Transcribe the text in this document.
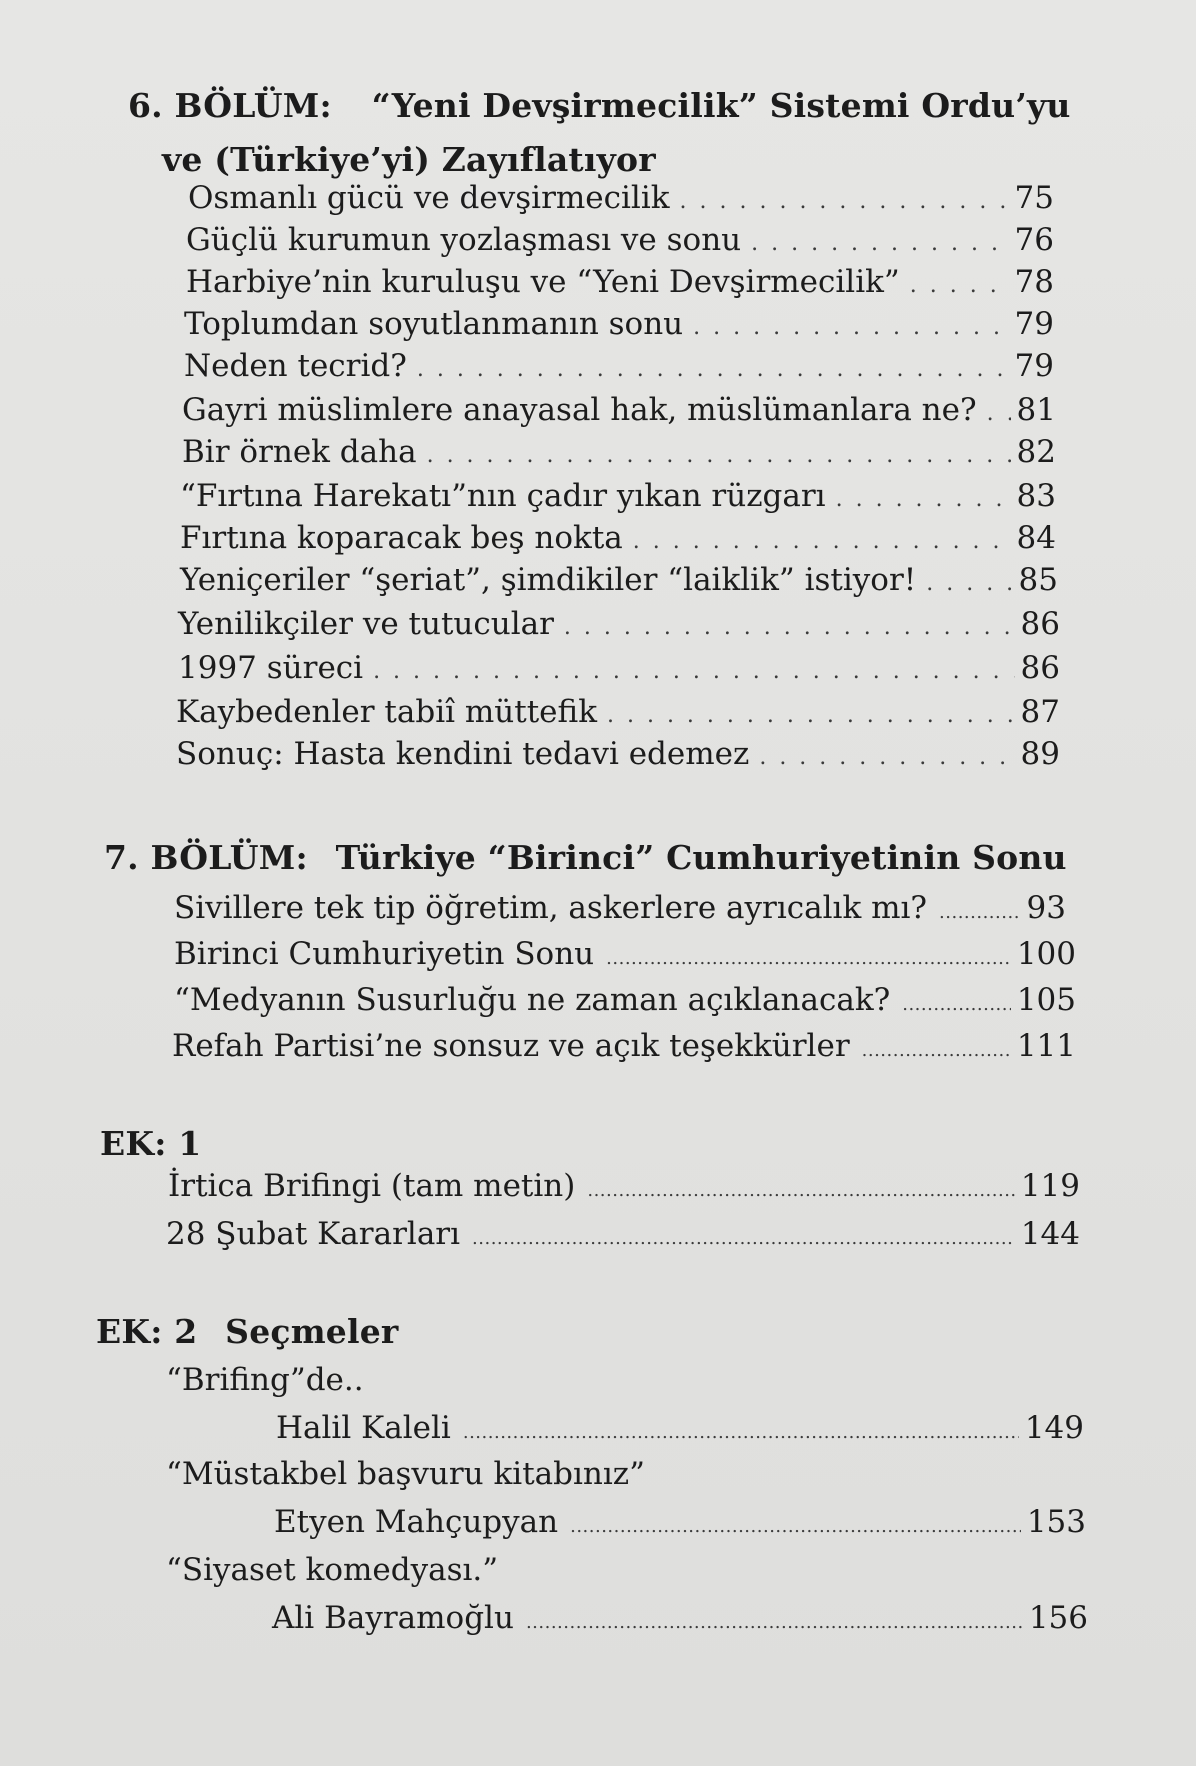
6. BÖLÜM: “Yeni Devşirmecilik” Sistemi Ordu’yu
ve (Türkiye’yi) Zayıflatıyor
Osmanlı gücü ve devşirmecilik . . .	75
Güçlü kurumun yozlaşması ve sonu . . .	76
Harbiye’nin kuruluşu ve “Yeni Devşirmecilik” . . .	78
Toplumdan soyutlanmanın sonu . . .	79
Neden tecrid? . . .	79
Gayri müslimlere anayasal hak, müslümanlara ne? . . . 81
Bir örnek daha . . .	82
“Fırtına Harekatı”nın çadır yıkan rüzgarı . . .	83
Fırtına koparacak beş nokta . . .	84
Yeniçeriler “şeriat”, şimdikiler “laiklik” istiyor! . . .	85
Yenilikçiler ve tutucular . . .	86
1997 süreci . . .	86
Kaybedenler tabiî müttefik . . .	87
Sonuç: Hasta kendini tedavi edemez . . .	89
7. BÖLÜM: Türkiye “Birinci” Cumhuriyetinin Sonu
Sivillere tek tip öğretim, askerlere ayrıcalık mı? .....	93
Birinci Cumhuriyetin Sonu .....	100
“Medyanın Susurluğu ne zaman açıklanacak? .....	105
Refah Partisi’ne sonsuz ve açık teşekkürler .....	111
EK: 1
İrtica Brifingi (tam metin) .....	119
28 Şubat Kararları .....	144
EK: 2 Seçmeler
“Brifing”de..
Halil Kaleli .....	149
“Müstakbel başvuru kitabınız”
Etyen Mahçupyan .....	153
“Siyaset komedyası.”
Ali Bayramoğlu .....	156
